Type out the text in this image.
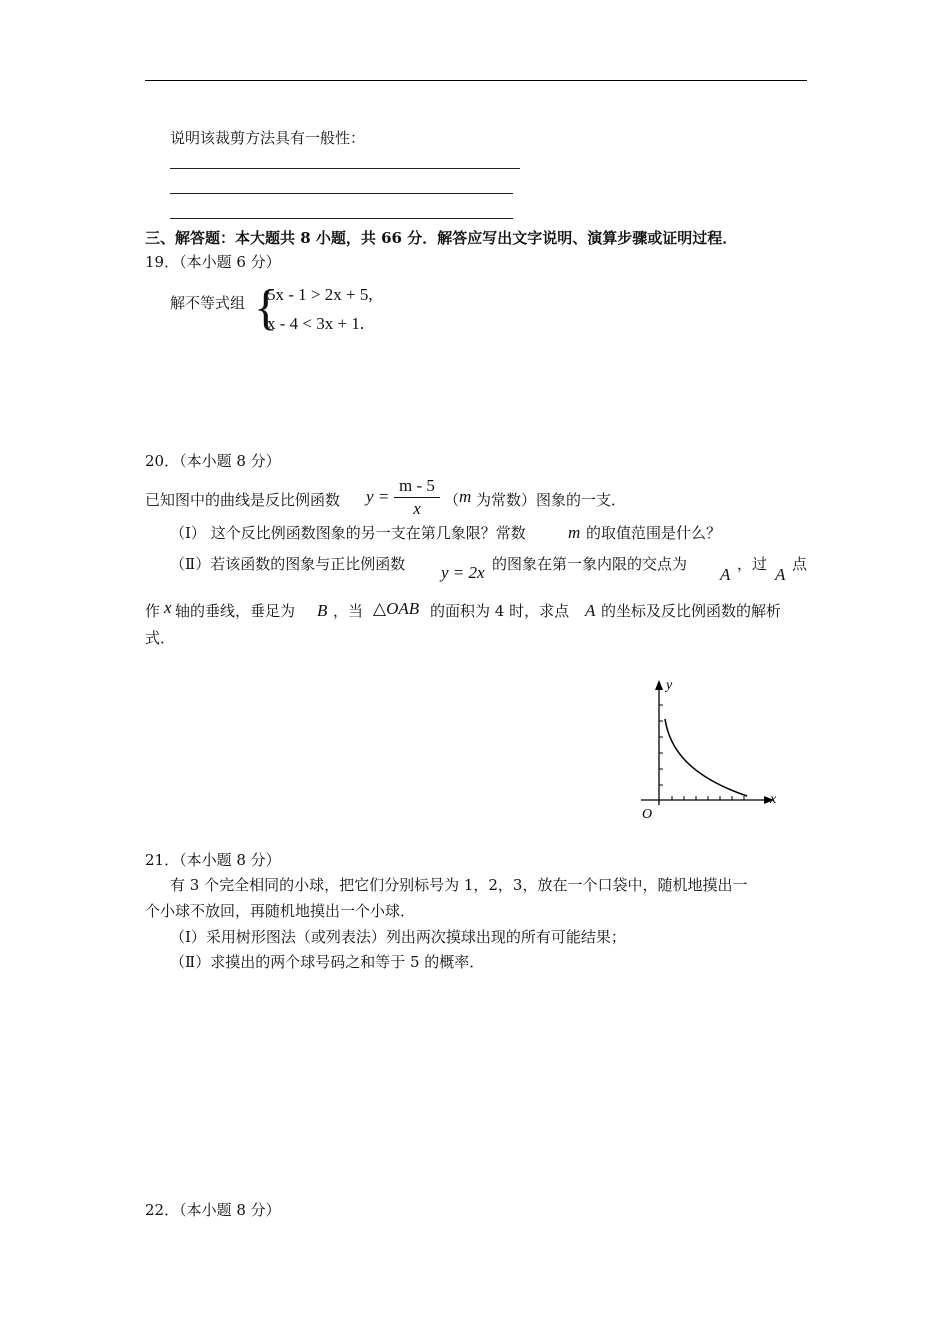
说明该裁剪方法具有一般性：
三、解答题：本大题共 8 小题，共 66 分．解答应写出文字说明、演算步骤或证明过程．
19．（本小题 6 分）
解不等式组 {
5x - 1 > 2x + 5,
x - 4 < 3x + 1.
20．（本小题 8 分）
已知图中的曲线是反比例函数 y =
m - 5
x	（ m 为常数）图象的一支．
（Ⅰ） 这个反比例函数图象的另一支在第几象限？常数 m 的取值范围是什么？
（Ⅱ）若该函数的图象与正比例函数 y = 2x 的图象在第一象内限的交点为
A
，过
A
点
作 x 轴的垂线，垂足为 B ，当 △OAB 的面积为 4 时，求点 A 的坐标及反比例函数的解析
式．
y
x
O
21．（本小题 8 分）
有 3 个完全相同的小球，把它们分别标号为 1，2，3，放在一个口袋中，随机地摸出一
个小球不放回，再随机地摸出一个小球．
（Ⅰ）采用树形图法（或列表法）列出两次摸球出现的所有可能结果；
（Ⅱ）求摸出的两个球号码之和等于 5 的概率．
22．（本小题 8 分）
